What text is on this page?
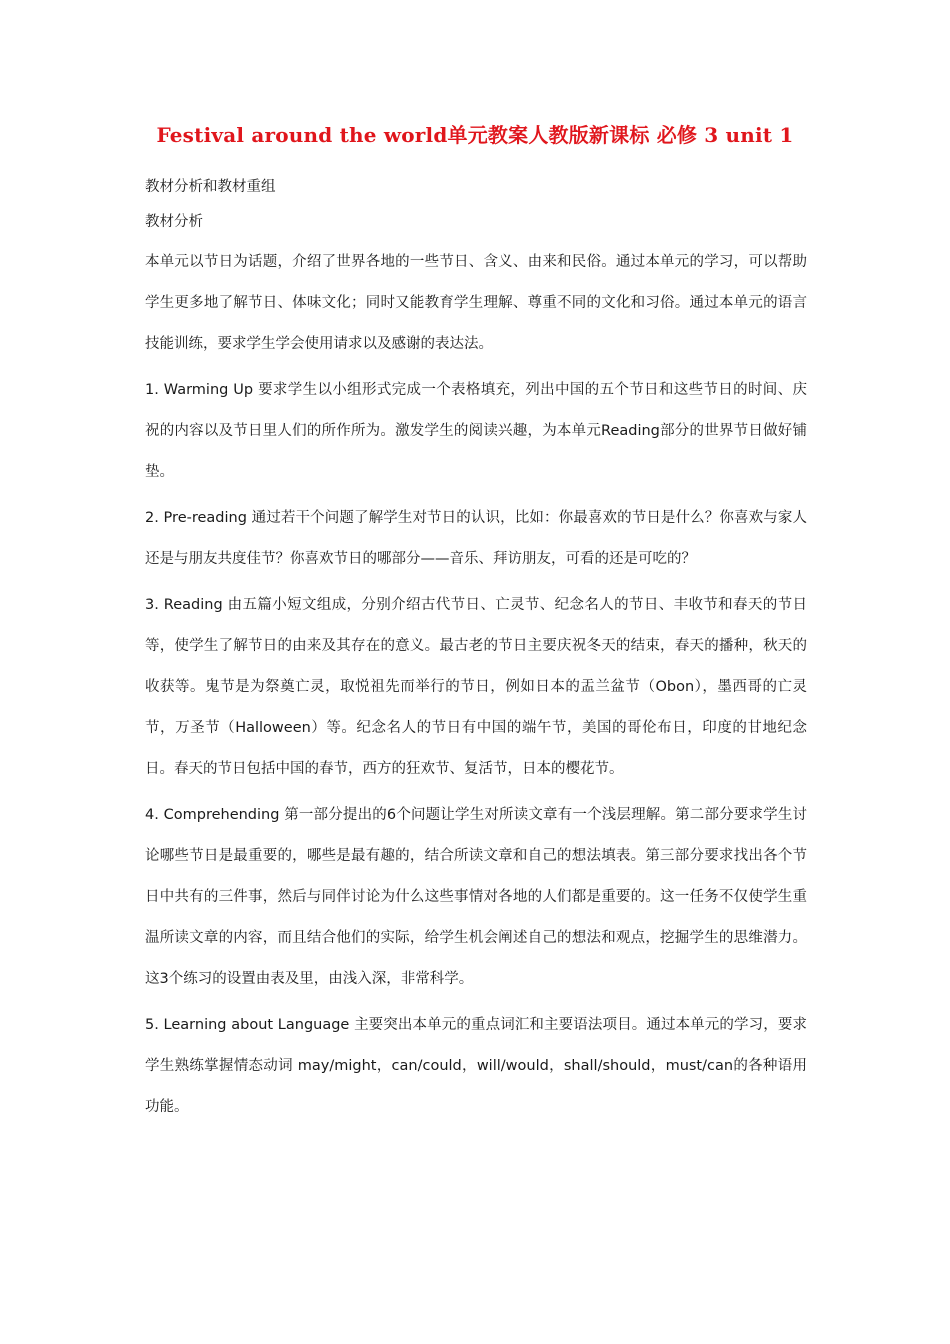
Festival around the world单元教案人教版新课标 必修 3 unit 1
教材分析和教材重组
教材分析
本单元以节日为话题，介绍了世界各地的一些节日、含义、由来和民俗。通过本单元的学习，可以帮助学生更多地了解节日、体味文化；同时又能教育学生理解、尊重不同的文化和习俗。通过本单元的语言技能训练，要求学生学会使用请求以及感谢的表达法。
1. Warming Up 要求学生以小组形式完成一个表格填充，列出中国的五个节日和这些节日的时间、庆祝的内容以及节日里人们的所作所为。激发学生的阅读兴趣，为本单元Reading部分的世界节日做好铺垫。
2. Pre-reading 通过若干个问题了解学生对节日的认识，比如：你最喜欢的节日是什么？你喜欢与家人还是与朋友共度佳节？你喜欢节日的哪部分——音乐、拜访朋友，可看的还是可吃的？
3. Reading 由五篇小短文组成，分别介绍古代节日、亡灵节、纪念名人的节日、丰收节和春天的节日等，使学生了解节日的由来及其存在的意义。最古老的节日主要庆祝冬天的结束，春天的播种，秋天的收获等。鬼节是为祭奠亡灵，取悦祖先而举行的节日，例如日本的盂兰盆节（Obon），墨西哥的亡灵节，万圣节（Halloween）等。纪念名人的节日有中国的端午节，美国的哥伦布日，印度的甘地纪念日。春天的节日包括中国的春节，西方的狂欢节、复活节，日本的樱花节。
4. Comprehending 第一部分提出的6个问题让学生对所读文章有一个浅层理解。第二部分要求学生讨论哪些节日是最重要的，哪些是最有趣的，结合所读文章和自己的想法填表。第三部分要求找出各个节日中共有的三件事，然后与同伴讨论为什么这些事情对各地的人们都是重要的。这一任务不仅使学生重温所读文章的内容，而且结合他们的实际，给学生机会阐述自己的想法和观点，挖掘学生的思维潜力。这3个练习的设置由表及里，由浅入深，非常科学。
5. Learning about Language 主要突出本单元的重点词汇和主要语法项目。通过本单元的学习，要求学生熟练掌握情态动词 may/might，can/could，will/would，shall/should，must/can的各种语用功能。
